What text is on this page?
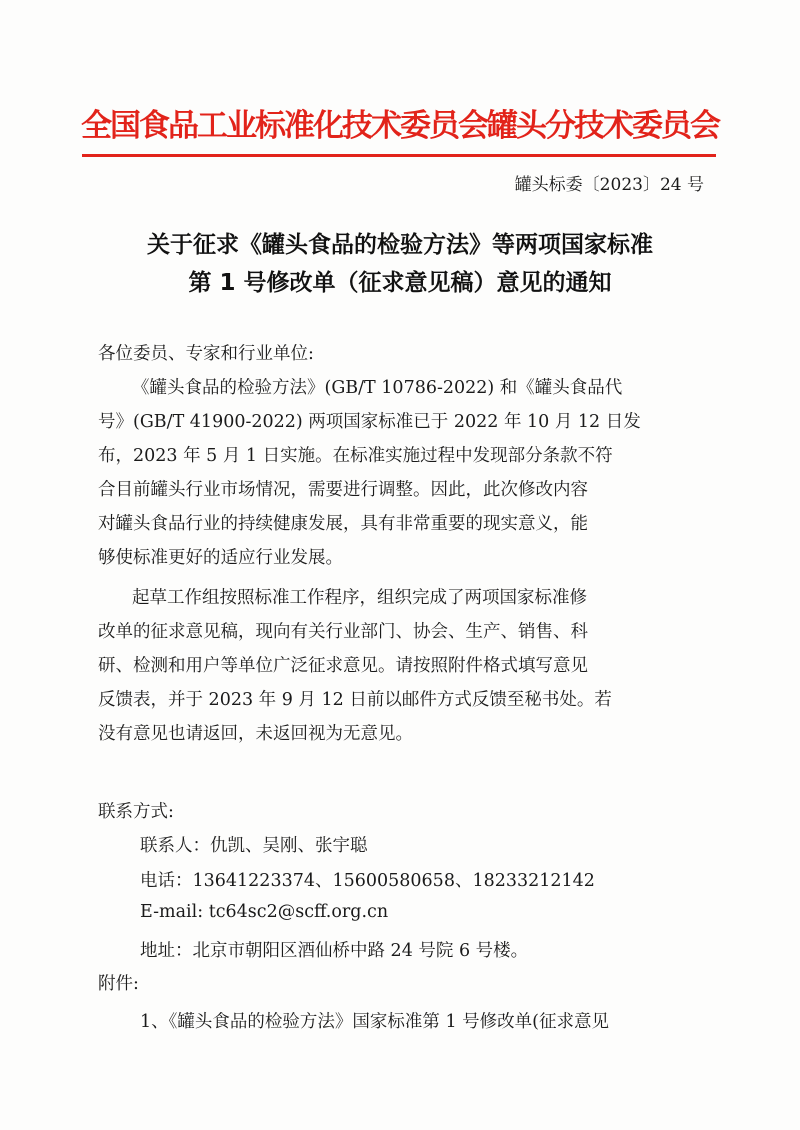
全国食品工业标准化技术委员会罐头分技术委员会
罐头标委〔2023〕24 号
关于征求《罐头食品的检验方法》等两项国家标准
第 1 号修改单（征求意见稿）意见的通知
各位委员、专家和行业单位:
《罐头食品的检验方法》(GB/T 10786-2022) 和《罐头食品代
号》(GB/T 41900-2022) 两项国家标准已于 2022 年 10 月 12 日发
布，2023 年 5 月 1 日实施。在标准实施过程中发现部分条款不符
合目前罐头行业市场情况，需要进行调整。因此，此次修改内容
对罐头食品行业的持续健康发展，具有非常重要的现实意义，能
够使标准更好的适应行业发展。
起草工作组按照标准工作程序，组织完成了两项国家标准修
改单的征求意见稿，现向有关行业部门、协会、生产、销售、科
研、检测和用户等单位广泛征求意见。请按照附件格式填写意见
反馈表，并于 2023 年 9 月 12 日前以邮件方式反馈至秘书处。若
没有意见也请返回，未返回视为无意见。
联系方式:
联系人：仇凯、吴刚、张宇聪
电话：13641223374、15600580658、18233212142
E-mail: tc64sc2@scff.org.cn
地址：北京市朝阳区酒仙桥中路 24 号院 6 号楼。
附件:
1、《罐头食品的检验方法》国家标准第 1 号修改单(征求意见
